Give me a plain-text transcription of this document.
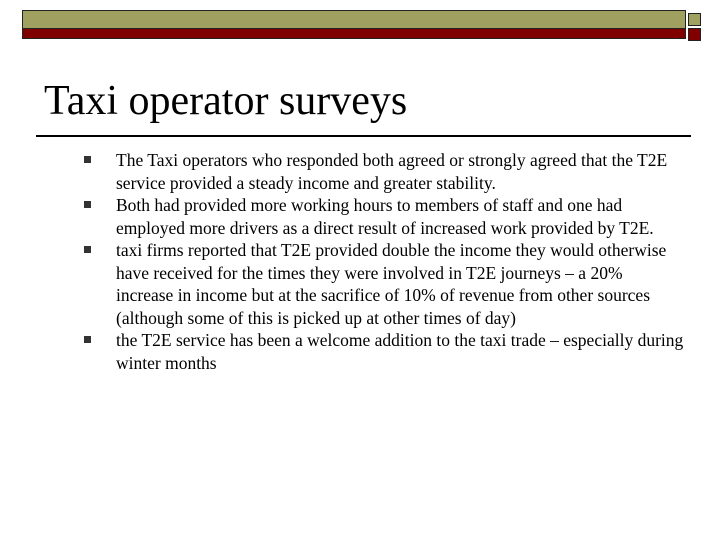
Taxi operator surveys
The Taxi operators who responded both agreed or strongly agreed that the T2E service provided a steady income and greater stability.
Both had provided more working hours to members of staff and one had employed more drivers as a direct result of increased work provided by T2E.
taxi firms reported that T2E provided double the income they would otherwise have received for the times they were involved in T2E journeys – a 20% increase in income but at the sacrifice of 10% of revenue from other sources (although some of this is picked up at other times of day)
the T2E service has been a welcome addition to the taxi trade – especially during winter months
